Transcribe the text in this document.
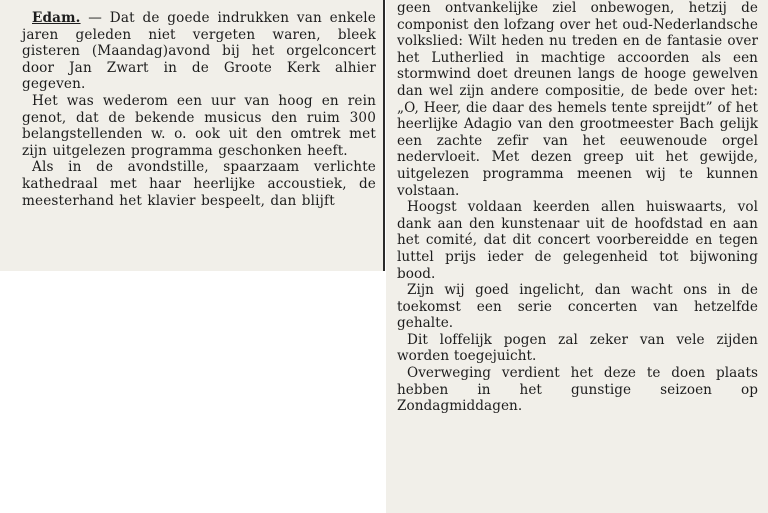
Edam. — Dat de goede indrukken van enkele jaren geleden niet vergeten waren, bleek gisteren (Maandag)avond bij het orgelconcert door Jan Zwart in de Groote Kerk alhier gegeven.

Het was wederom een uur van hoog en rein genot, dat de bekende musicus den ruim 300 belangstellenden w. o. ook uit den omtrek met zijn uitgelezen programma geschonken heeft.

Als in de avondstille, spaarzaam verlichte kathedraal met haar heerlijke accoustiek, de meesterhand het klavier bespeelt, dan blijft

geen ontvankelijke ziel onbewogen, hetzij de componist den lofzang over het oud-Nederlandsche volkslied: Wilt heden nu treden en de fantasie over het Lutherlied in machtige accoorden als een stormwind doet dreunen langs de hooge gewelven dan wel zijn andere compositie, de bede over het: „O, Heer, die daar des hemels tente spreijdt” of het heerlijke Adagio van den grootmeester Bach gelijk een zachte zefir van het eeuwenoude orgel nedervloeit. Met dezen greep uit het gewijde, uitgelezen programma meenen wij te kunnen volstaan.

Hoogst voldaan keerden allen huiswaarts, vol dank aan den kunstenaar uit de hoofdstad en aan het comité, dat dit concert voorbereidde en tegen luttel prijs ieder de gelegenheid tot bijwoning bood.

Zijn wij goed ingelicht, dan wacht ons in de toekomst een serie concerten van hetzelfde gehalte.

Dit loffelijk pogen zal zeker van vele zijden worden toegejuicht.

Overweging verdient het deze te doen plaats hebben in het gunstige seizoen op Zondagmiddagen.
